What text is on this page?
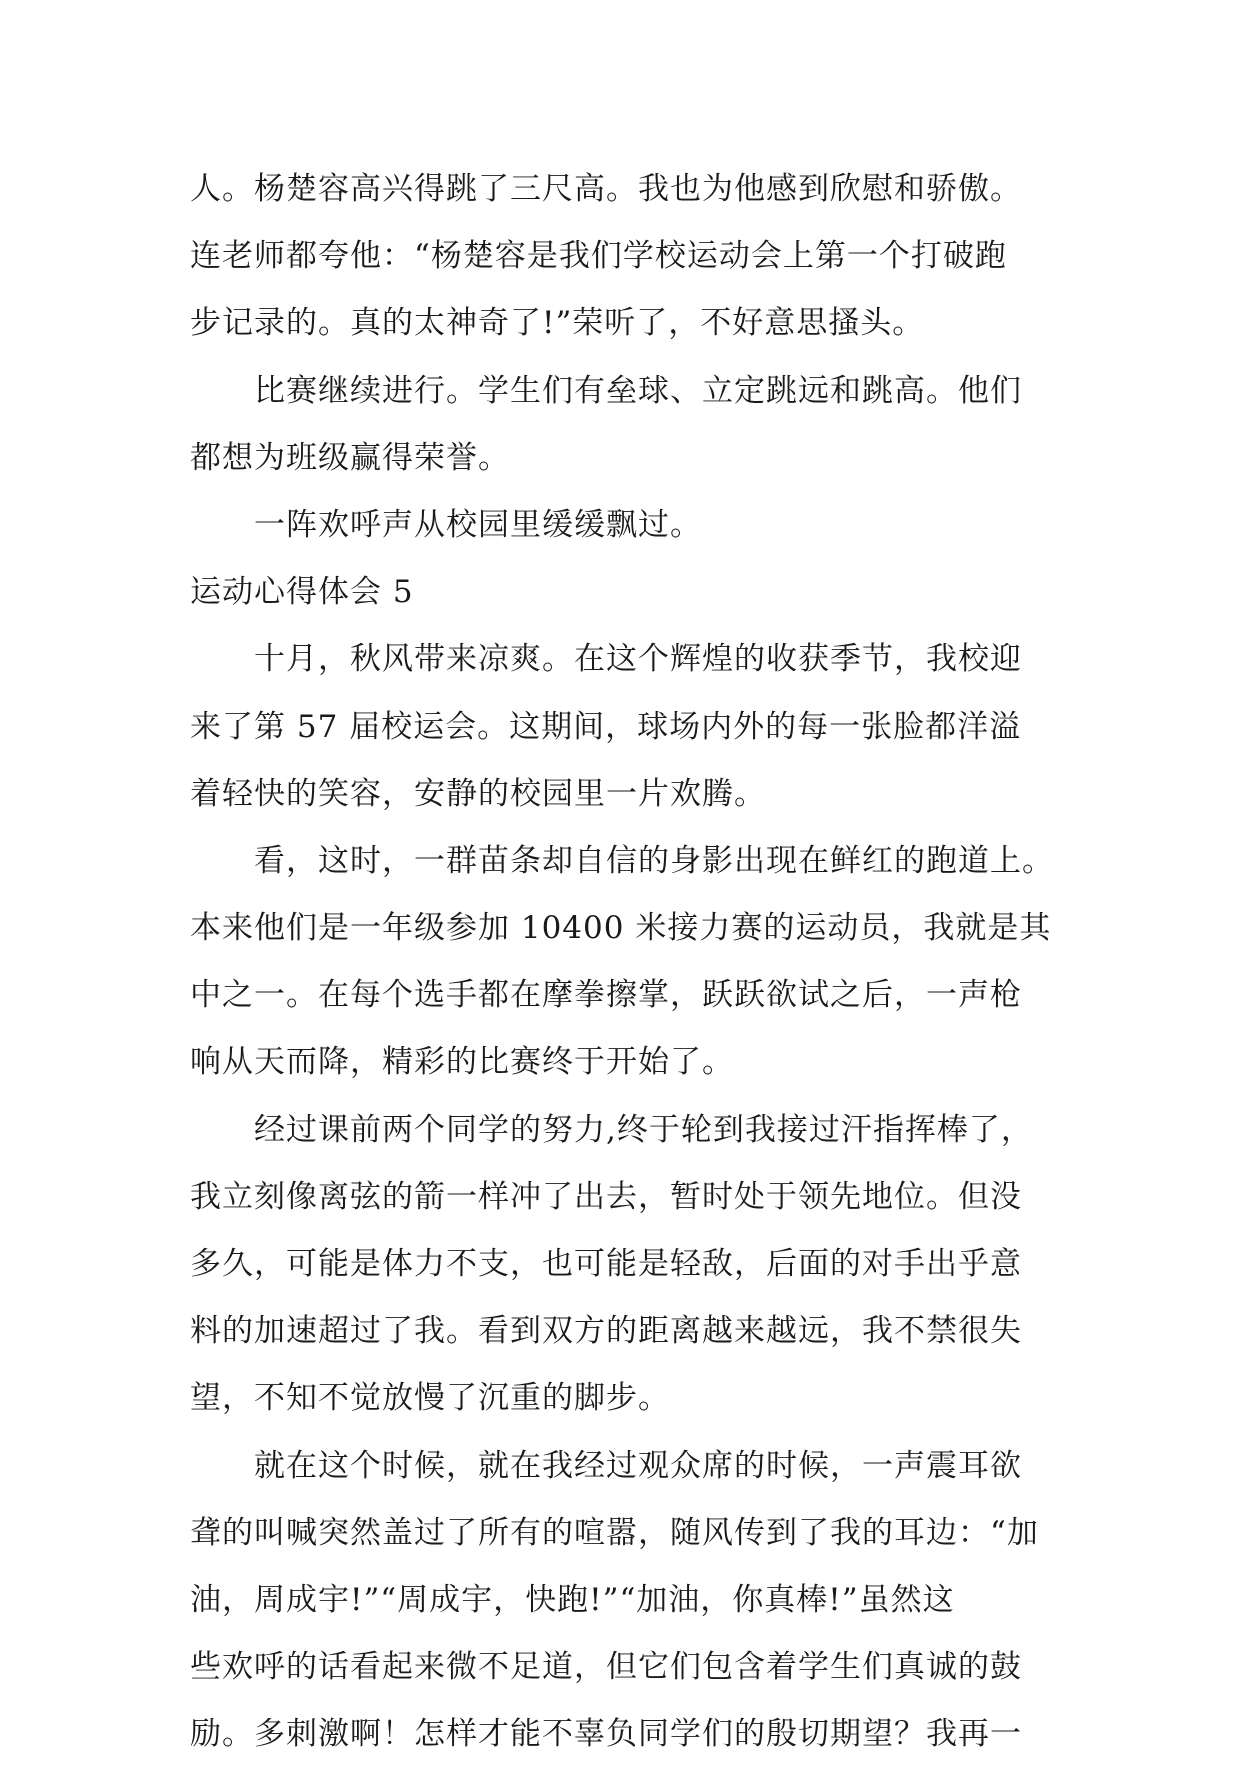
人。杨楚容高兴得跳了三尺高。我也为他感到欣慰和骄傲。
连老师都夸他：“杨楚容是我们学校运动会上第一个打破跑
步记录的。真的太神奇了!”荣听了，不好意思搔头。
比赛继续进行。学生们有垒球、立定跳远和跳高。他们
都想为班级赢得荣誉。
一阵欢呼声从校园里缓缓飘过。
运动心得体会 5
十月，秋风带来凉爽。在这个辉煌的收获季节，我校迎
来了第 57 届校运会。这期间，球场内外的每一张脸都洋溢
着轻快的笑容，安静的校园里一片欢腾。
看，这时，一群苗条却自信的身影出现在鲜红的跑道上。
本来他们是一年级参加 10400 米接力赛的运动员，我就是其
中之一。在每个选手都在摩拳擦掌，跃跃欲试之后，一声枪
响从天而降，精彩的比赛终于开始了。
经过课前两个同学的努力,终于轮到我接过汗指挥棒了，
我立刻像离弦的箭一样冲了出去，暂时处于领先地位。但没
多久，可能是体力不支，也可能是轻敌，后面的对手出乎意
料的加速超过了我。看到双方的距离越来越远，我不禁很失
望，不知不觉放慢了沉重的脚步。
就在这个时候，就在我经过观众席的时候，一声震耳欲
聋的叫喊突然盖过了所有的喧嚣，随风传到了我的耳边：“加
油，周成宇!”“周成宇，快跑!”“加油，你真棒!”虽然这
些欢呼的话看起来微不足道，但它们包含着学生们真诚的鼓
励。多刺激啊！怎样才能不辜负同学们的殷切期望？我再一
